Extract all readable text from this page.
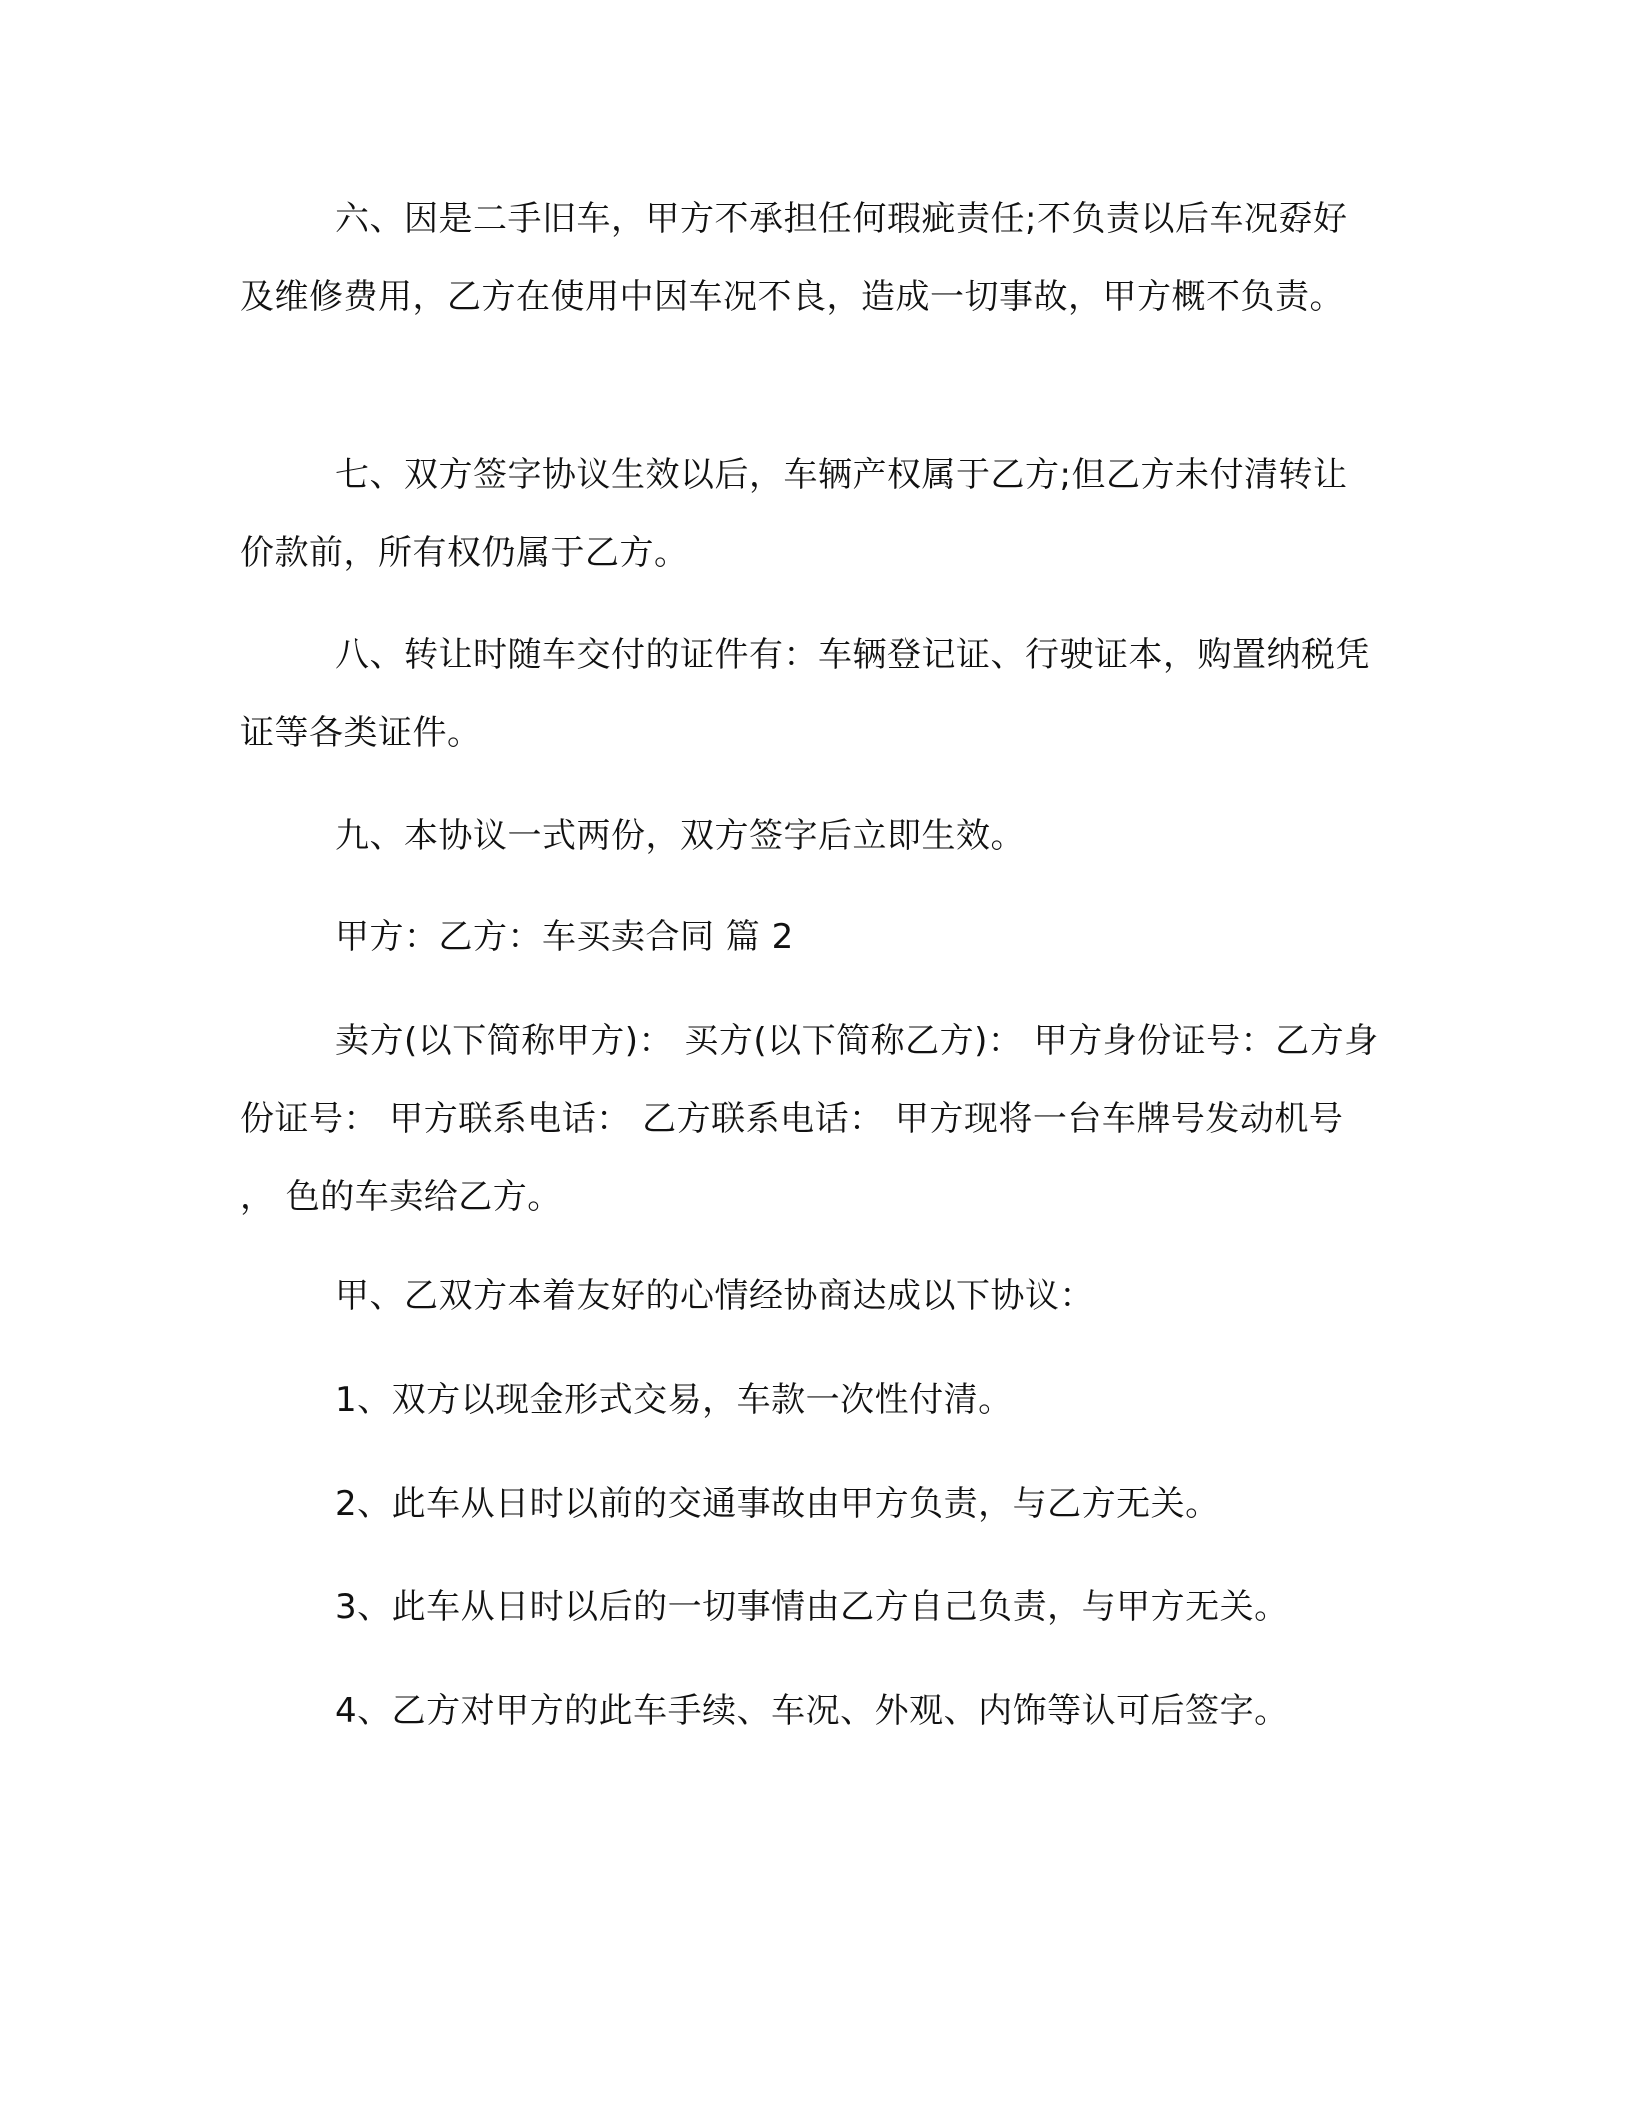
六、因是二手旧车，甲方不承担任何瑕疵责任;不负责以后车况孬好及维修费用，乙方在使用中因车况不良，造成一切事故，甲方概不负责。

七、双方签字协议生效以后，车辆产权属于乙方;但乙方未付清转让价款前，所有权仍属于乙方。

八、转让时随车交付的证件有：车辆登记证、行驶证本，购置纳税凭证等各类证件。

九、本协议一式两份，双方签字后立即生效。

甲方：乙方：车买卖合同 篇 2

卖方(以下简称甲方)： 买方(以下简称乙方)： 甲方身份证号：乙方身份证号： 甲方联系电话： 乙方联系电话： 甲方现将一台车牌号发动机号 ， 色的车卖给乙方。

甲、乙双方本着友好的心情经协商达成以下协议：

1、双方以现金形式交易，车款一次性付清。

2、此车从日时以前的交通事故由甲方负责，与乙方无关。

3、此车从日时以后的一切事情由乙方自己负责，与甲方无关。

4、乙方对甲方的此车手续、车况、外观、内饰等认可后签字。
